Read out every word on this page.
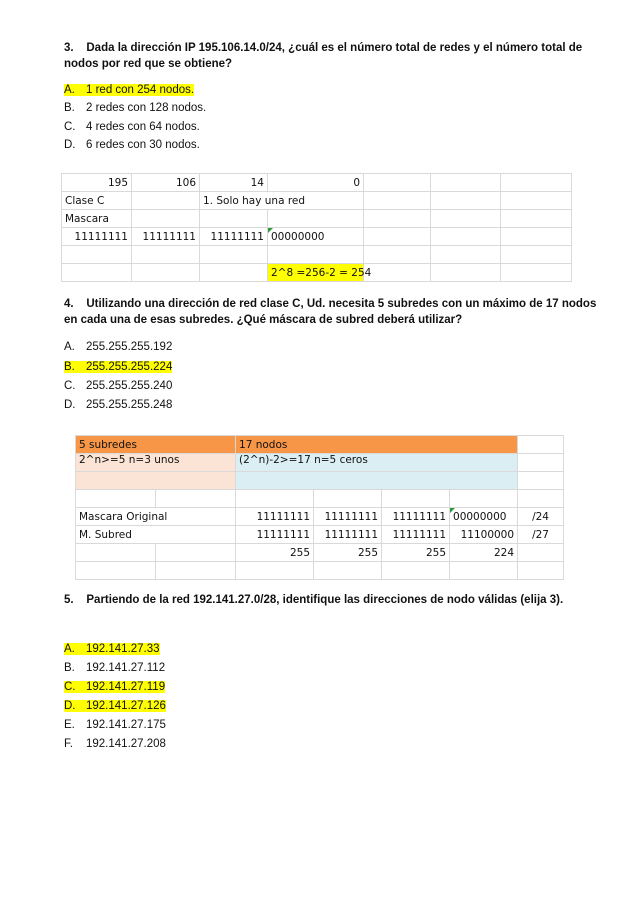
3. Dada la dirección IP 195.106.14.0/24, ¿cuál es el número total de redes y el número total de nodos por red que se obtiene?
A. 1 red con 254 nodos.
B. 2 redes con 128 nodos.
C. 4 redes con 64 nodos.
D. 6 redes con 30 nodos.
195	106	14	0			
Clase C		1. Solo hay una red				
Mascara						
11111111	11111111	11111111	00000000			

			2^8 =256-2 = 254			
4. Utilizando una dirección de red clase C, Ud. necesita 5 subredes con un máximo de 17 nodos en cada una de esas subredes. ¿Qué máscara de subred deberá utilizar?
A. 255.255.255.192
B. 255.255.255.224
C. 255.255.255.240
D. 255.255.255.248
5 subredes		17 nodos				
2^n>=5 n=3 unos		(2^n)-2>=17 n=5 ceros				

Mascara Original		11111111	11111111	11111111	00000000	/24
M. Subred		11111111	11111111	11111111	11100000	/27
		255	255	255	224	

5. Partiendo de la red 192.141.27.0/28, identifique las direcciones de nodo válidas (elija 3).
A. 192.141.27.33
B. 192.141.27.112
C. 192.141.27.119
D. 192.141.27.126
E. 192.141.27.175
F. 192.141.27.208
